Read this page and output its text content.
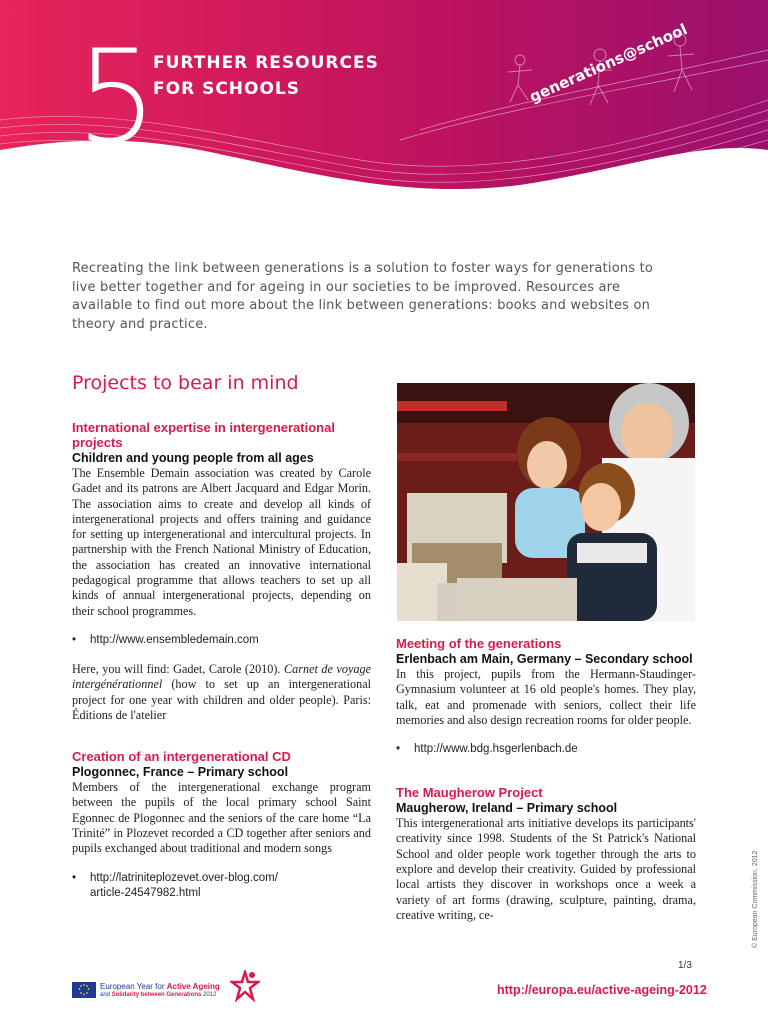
5 FURTHER RESOURCES
FOR SCHOOLS	generations@school
Recreating the link between generations is a solution to foster ways for generations to live better together and for ageing in our societies to be improved. Resources are available to find out more about the link between generations: books and websites on theory and practice.
Projects to bear in mind

International expertise in intergenerational projects

Children and young people from all ages

The Ensemble Demain association was created by Carole Gadet and its patrons are Albert Jacquard and Edgar Morin. The association aims to create and develop all kinds of intergenerational projects and offers training and guidance for setting up intergenerational and intercultural projects. In partnership with the French National Ministry of Education, the association has created an innovative international pedagogical programme that allows teachers to set up all kinds of annual intergenerational projects, depending on their school programmes.

• http://www.ensembledemain.com

Here, you will find: Gadet, Carole (2010). Carnet de voyage intergénérationnel (how to set up an intergenerational project for one year with children and older people). Paris: Éditions de l'atelier

Creation of an intergenerational CD

Plogonnec, France – Primary school

Members of the intergenerational exchange program between the pupils of the local primary school Saint Egonnec de Plogonnec and the seniors of the care home “La Trinité” in Plozevet recorded a CD together after seniors and pupils exchanged about traditional and modern songs

• http://latriniteplozevet.over-blog.com/
article-24547982.html

Meeting of the generations

Erlenbach am Main, Germany – Secondary school

In this project, pupils from the Hermann-Staudinger-Gymnasium volunteer at 16 old people's homes. They play, talk, eat and promenade with seniors, collect their life memories and also design recreation rooms for older people.

• http://www.bdg.hsgerlenbach.de

The Maugherow Project

Maugherow, Ireland – Primary school

This intergenerational arts initiative develops its participants' creativity since 1998. Students of the St Patrick's National School and older people work together through the arts to explore and develop their creativity. Guided by professional local artists they discover in workshops once a week a variety of art forms (drawing, sculpture, painting, drama, creative writing, ce-

1/3
http://europa.eu/active-ageing-2012
© European Commission, 2012
European Year for Active Ageing
and Solidarity between Generations 2012
